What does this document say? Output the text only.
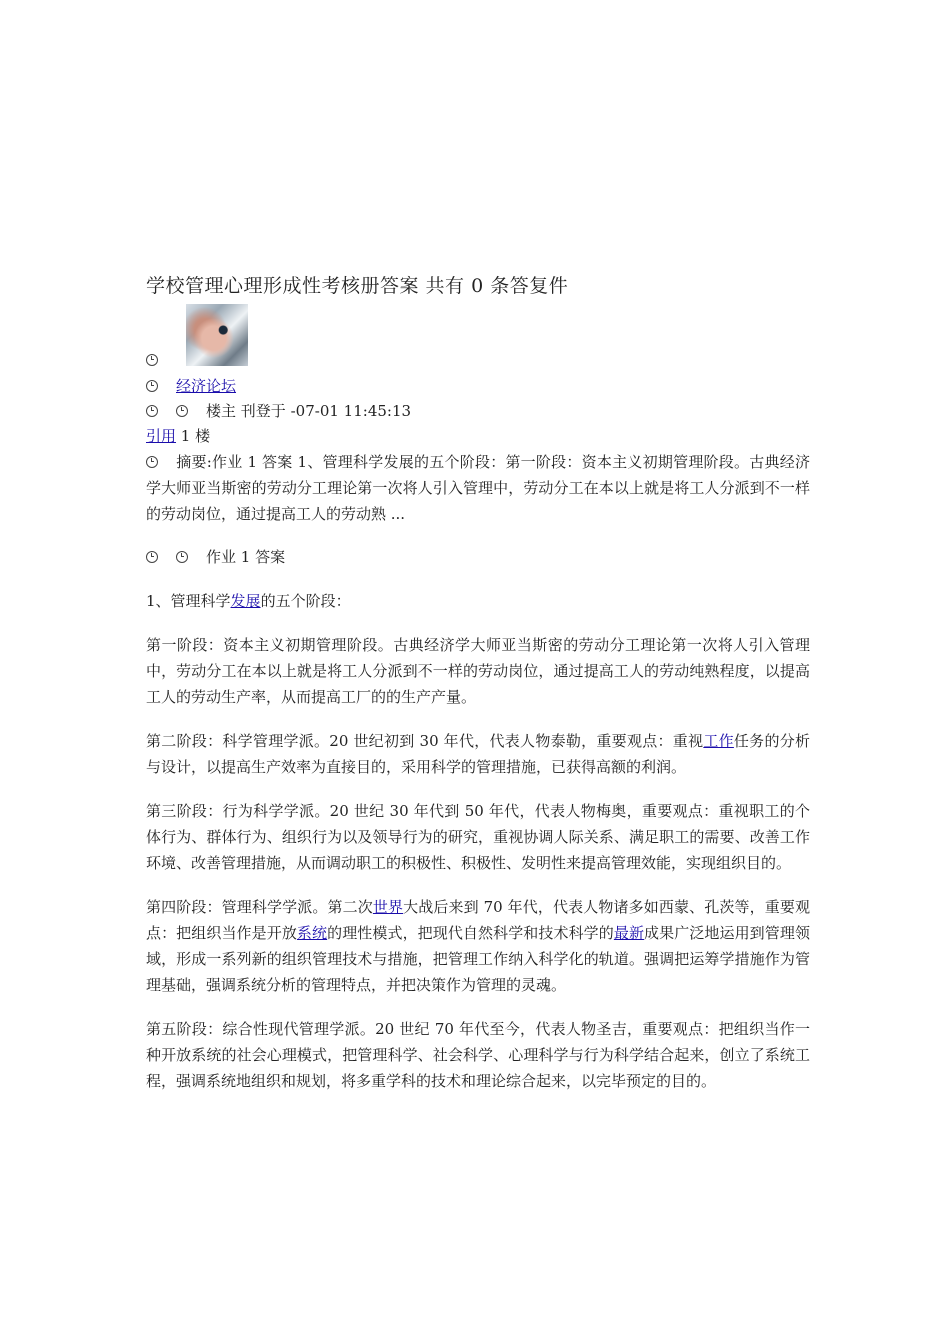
学校管理心理形成性考核册答案 共有 0 条答复件
经济论坛
楼主 刊登于 -07-01 11:45:13
引用 1 楼

摘要:作业 1 答案 1、管理科学发展的五个阶段：第一阶段：资本主义初期管理阶段。古典经济学大师亚当斯密的劳动分工理论第一次将人引入管理中，劳动分工在本以上就是将工人分派到不一样的劳动岗位，通过提高工人的劳动熟 ...

作业 1 答案

1、管理科学发展的五个阶段：

第一阶段：资本主义初期管理阶段。古典经济学大师亚当斯密的劳动分工理论第一次将人引入管理中，劳动分工在本以上就是将工人分派到不一样的劳动岗位，通过提高工人的劳动纯熟程度，以提高工人的劳动生产率，从而提高工厂的的生产产量。

第二阶段：科学管理学派。20 世纪初到 30 年代，代表人物泰勒，重要观点：重视工作任务的分析与设计，以提高生产效率为直接目的，采用科学的管理措施，已获得高额的利润。

第三阶段：行为科学学派。20 世纪 30 年代到 50 年代，代表人物梅奥，重要观点：重视职工的个体行为、群体行为、组织行为以及领导行为的研究，重视协调人际关系、满足职工的需要、改善工作环境、改善管理措施，从而调动职工的积极性、积极性、发明性来提高管理效能，实现组织目的。

第四阶段：管理科学学派。第二次世界大战后来到 70 年代，代表人物诸多如西蒙、孔茨等，重要观点：把组织当作是开放系统的理性模式，把现代自然科学和技术科学的最新成果广泛地运用到管理领域，形成一系列新的组织管理技术与措施，把管理工作纳入科学化的轨道。强调把运筹学措施作为管理基础，强调系统分析的管理特点，并把决策作为管理的灵魂。

第五阶段：综合性现代管理学派。20 世纪 70 年代至今，代表人物圣吉，重要观点：把组织当作一种开放系统的社会心理模式，把管理科学、社会科学、心理科学与行为科学结合起来，创立了系统工程，强调系统地组织和规划，将多重学科的技术和理论综合起来，以完毕预定的目的。
